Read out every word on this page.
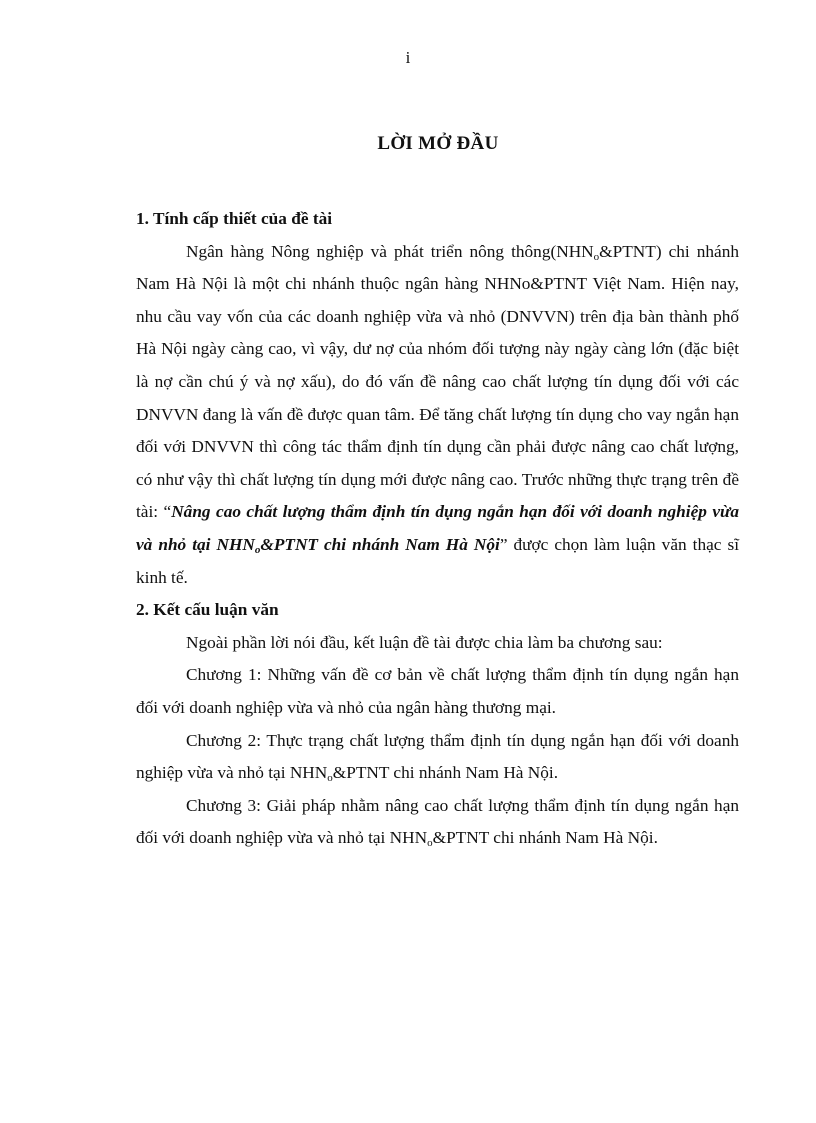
i
LỜI MỞ ĐẦU

1. Tính cấp thiết của đề tài

Ngân hàng Nông nghiệp và phát triển nông $thông(NHN_o\&PTNT)$ chi nhánh Nam Hà Nội là một chi nhánh thuộc ngân hàng NHNo&PTNT Việt Nam. Hiện nay, nhu cầu vay vốn của các doanh nghiệp vừa và nhỏ (DNVVN) trên địa bàn thành phố Hà Nội ngày càng cao, vì vậy, dư nợ của nhóm đối tượng này ngày càng lớn (đặc biệt là nợ cần chú ý và nợ xấu), do đó vấn đề nâng cao chất lượng tín dụng đối với các DNVVN đang là vấn đề được quan tâm. Để tăng chất lượng tín dụng cho vay ngắn hạn đối với DNVVN thì công tác thẩm định tín dụng cần phải được nâng cao chất lượng, có như vậy thì chất lượng tín dụng mới được nâng cao. Trước những thực trạng trên đề tài: “Nâng cao chất lượng thẩm định tín dụng ngắn hạn đối với doanh nghiệp vừa và nhỏ tại $NHN_o\&PTNT$ chi nhánh Nam Hà Nội” được chọn làm luận văn thạc sĩ kinh tế.

2. Kết cấu luận văn

Ngoài phần lời nói đầu, kết luận đề tài được chia làm ba chương sau:

Chương 1: Những vấn đề cơ bản về chất lượng thẩm định tín dụng ngắn hạn đối với doanh nghiệp vừa và nhỏ của ngân hàng thương mại.

Chương 2: Thực trạng chất lượng thẩm định tín dụng ngắn hạn đối với doanh nghiệp vừa và nhỏ tại $NHN_o\&PTNT$ chi nhánh Nam Hà Nội.

Chương 3: Giải pháp nhằm nâng cao chất lượng thẩm định tín dụng ngắn hạn đối với doanh nghiệp vừa và nhỏ tại $NHN_o\&PTNT$ chi nhánh Nam Hà Nội.
